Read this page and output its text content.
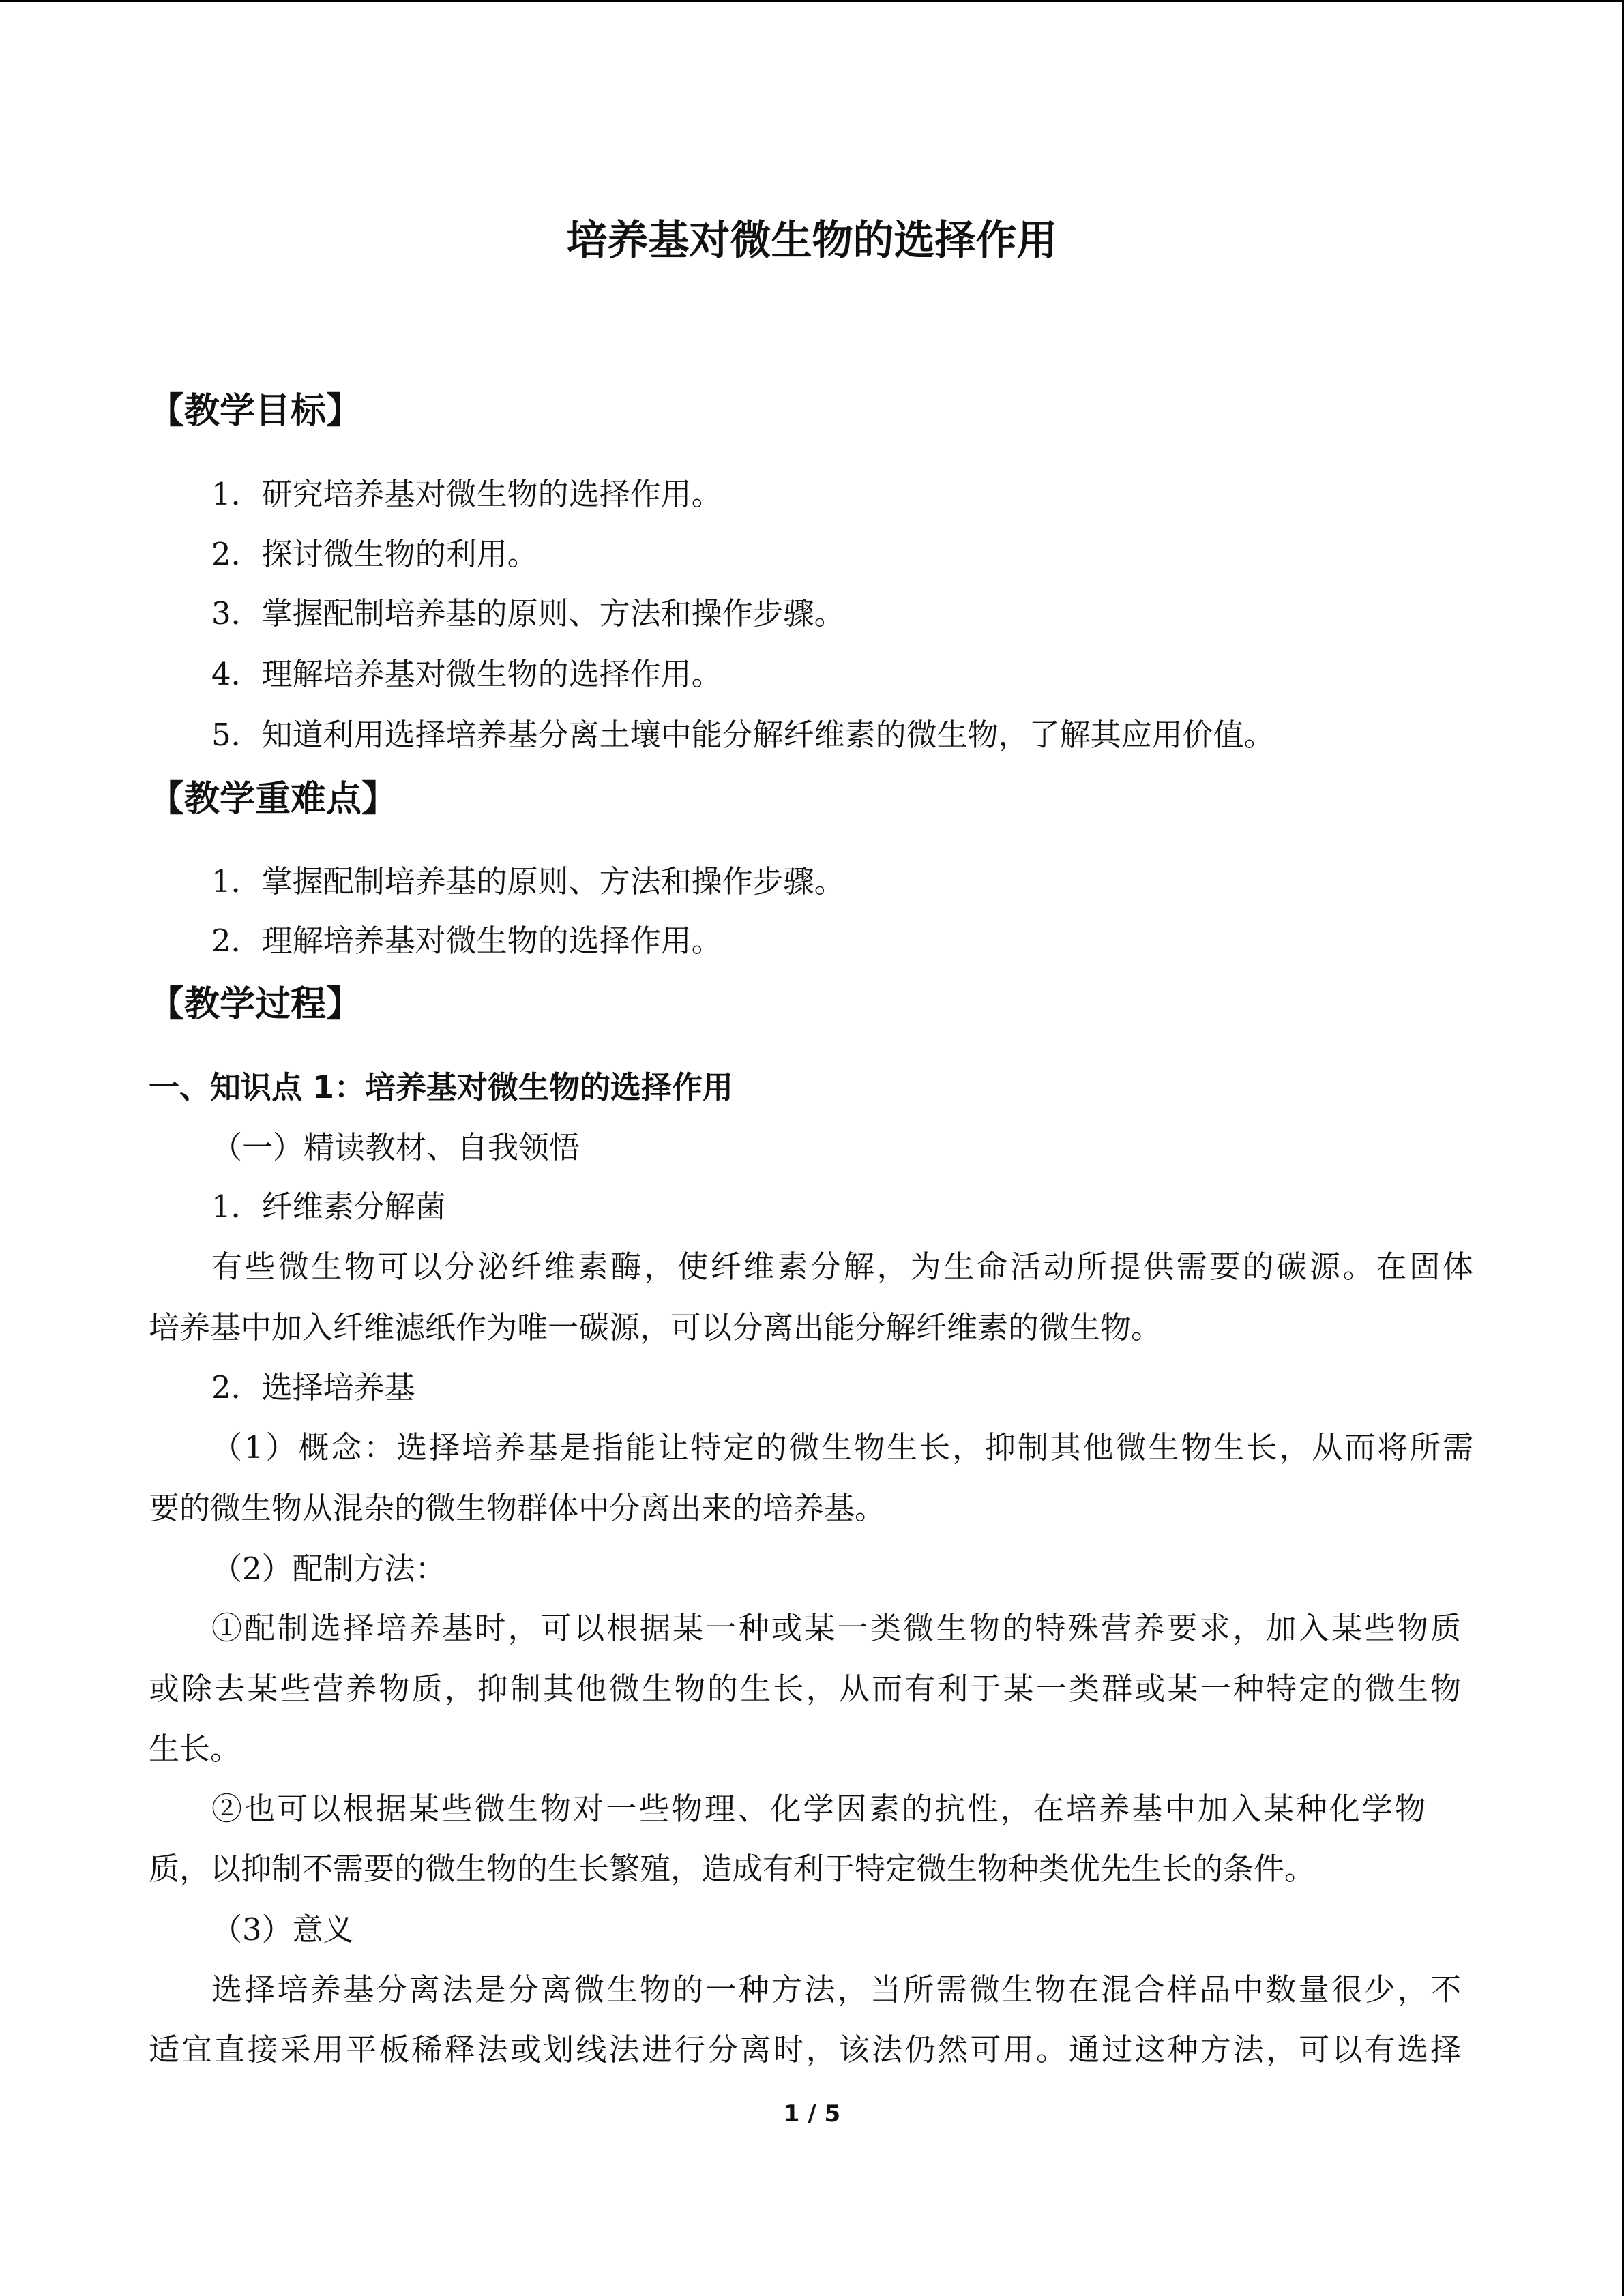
培养基对微生物的选择作用
【教学目标】
1．研究培养基对微生物的选择作用。
2．探讨微生物的利用。
3．掌握配制培养基的原则、方法和操作步骤。
4．理解培养基对微生物的选择作用。
5．知道利用选择培养基分离土壤中能分解纤维素的微生物，了解其应用价值。
【教学重难点】
1．掌握配制培养基的原则、方法和操作步骤。
2．理解培养基对微生物的选择作用。
【教学过程】
一、知识点 1：培养基对微生物的选择作用
（一）精读教材、自我领悟
1．纤维素分解菌
有些微生物可以分泌纤维素酶，使纤维素分解，为生命活动所提供需要的碳源。在固体
培养基中加入纤维滤纸作为唯一碳源，可以分离出能分解纤维素的微生物。
2．选择培养基
（1）概念：选择培养基是指能让特定的微生物生长，抑制其他微生物生长，从而将所需
要的微生物从混杂的微生物群体中分离出来的培养基。
（2）配制方法：
①配制选择培养基时，可以根据某一种或某一类微生物的特殊营养要求，加入某些物质
或除去某些营养物质，抑制其他微生物的生长，从而有利于某一类群或某一种特定的微生物
生长。
②也可以根据某些微生物对一些物理、化学因素的抗性，在培养基中加入某种化学物
质，以抑制不需要的微生物的生长繁殖，造成有利于特定微生物种类优先生长的条件。
（3）意义
选择培养基分离法是分离微生物的一种方法，当所需微生物在混合样品中数量很少，不
适宜直接采用平板稀释法或划线法进行分离时，该法仍然可用。通过这种方法，可以有选择
1 / 5
